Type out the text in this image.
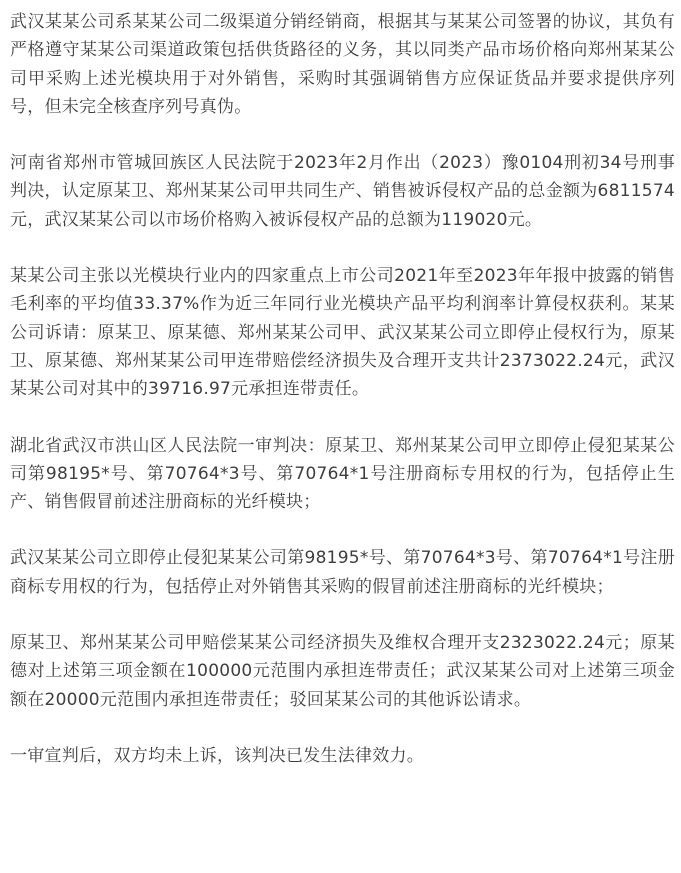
武汉某某公司系某某公司二级渠道分销经销商，根据其与某某公司签署的协议，其负有严格遵守某某公司渠道政策包括供货路径的义务，其以同类产品市场价格向郑州某某公司甲采购上述光模块用于对外销售，采购时其强调销售方应保证货品并要求提供序列号，但未完全核查序列号真伪。

河南省郑州市管城回族区人民法院于2023年2月作出（2023）豫0104刑初34号刑事判决，认定原某卫、郑州某某公司甲共同生产、销售被诉侵权产品的总金额为6811574元，武汉某某公司以市场价格购入被诉侵权产品的总额为119020元。

某某公司主张以光模块行业内的四家重点上市公司2021年至2023年年报中披露的销售毛利率的平均值33.37%作为近三年同行业光模块产品平均利润率计算侵权获利。某某公司诉请：原某卫、原某德、郑州某某公司甲、武汉某某公司立即停止侵权行为，原某卫、原某德、郑州某某公司甲连带赔偿经济损失及合理开支共计2373022.24元，武汉某某公司对其中的39716.97元承担连带责任。

湖北省武汉市洪山区人民法院一审判决：原某卫、郑州某某公司甲立即停止侵犯某某公司第98195*号、第70764*3号、第70764*1号注册商标专用权的行为，包括停止生产、销售假冒前述注册商标的光纤模块；

武汉某某公司立即停止侵犯某某公司第98195*号、第70764*3号、第70764*1号注册商标专用权的行为，包括停止对外销售其采购的假冒前述注册商标的光纤模块；

原某卫、郑州某某公司甲赔偿某某公司经济损失及维权合理开支2323022.24元；原某德对上述第三项金额在100000元范围内承担连带责任；武汉某某公司对上述第三项金额在20000元范围内承担连带责任；驳回某某公司的其他诉讼请求。

一审宣判后，双方均未上诉，该判决已发生法律效力。
